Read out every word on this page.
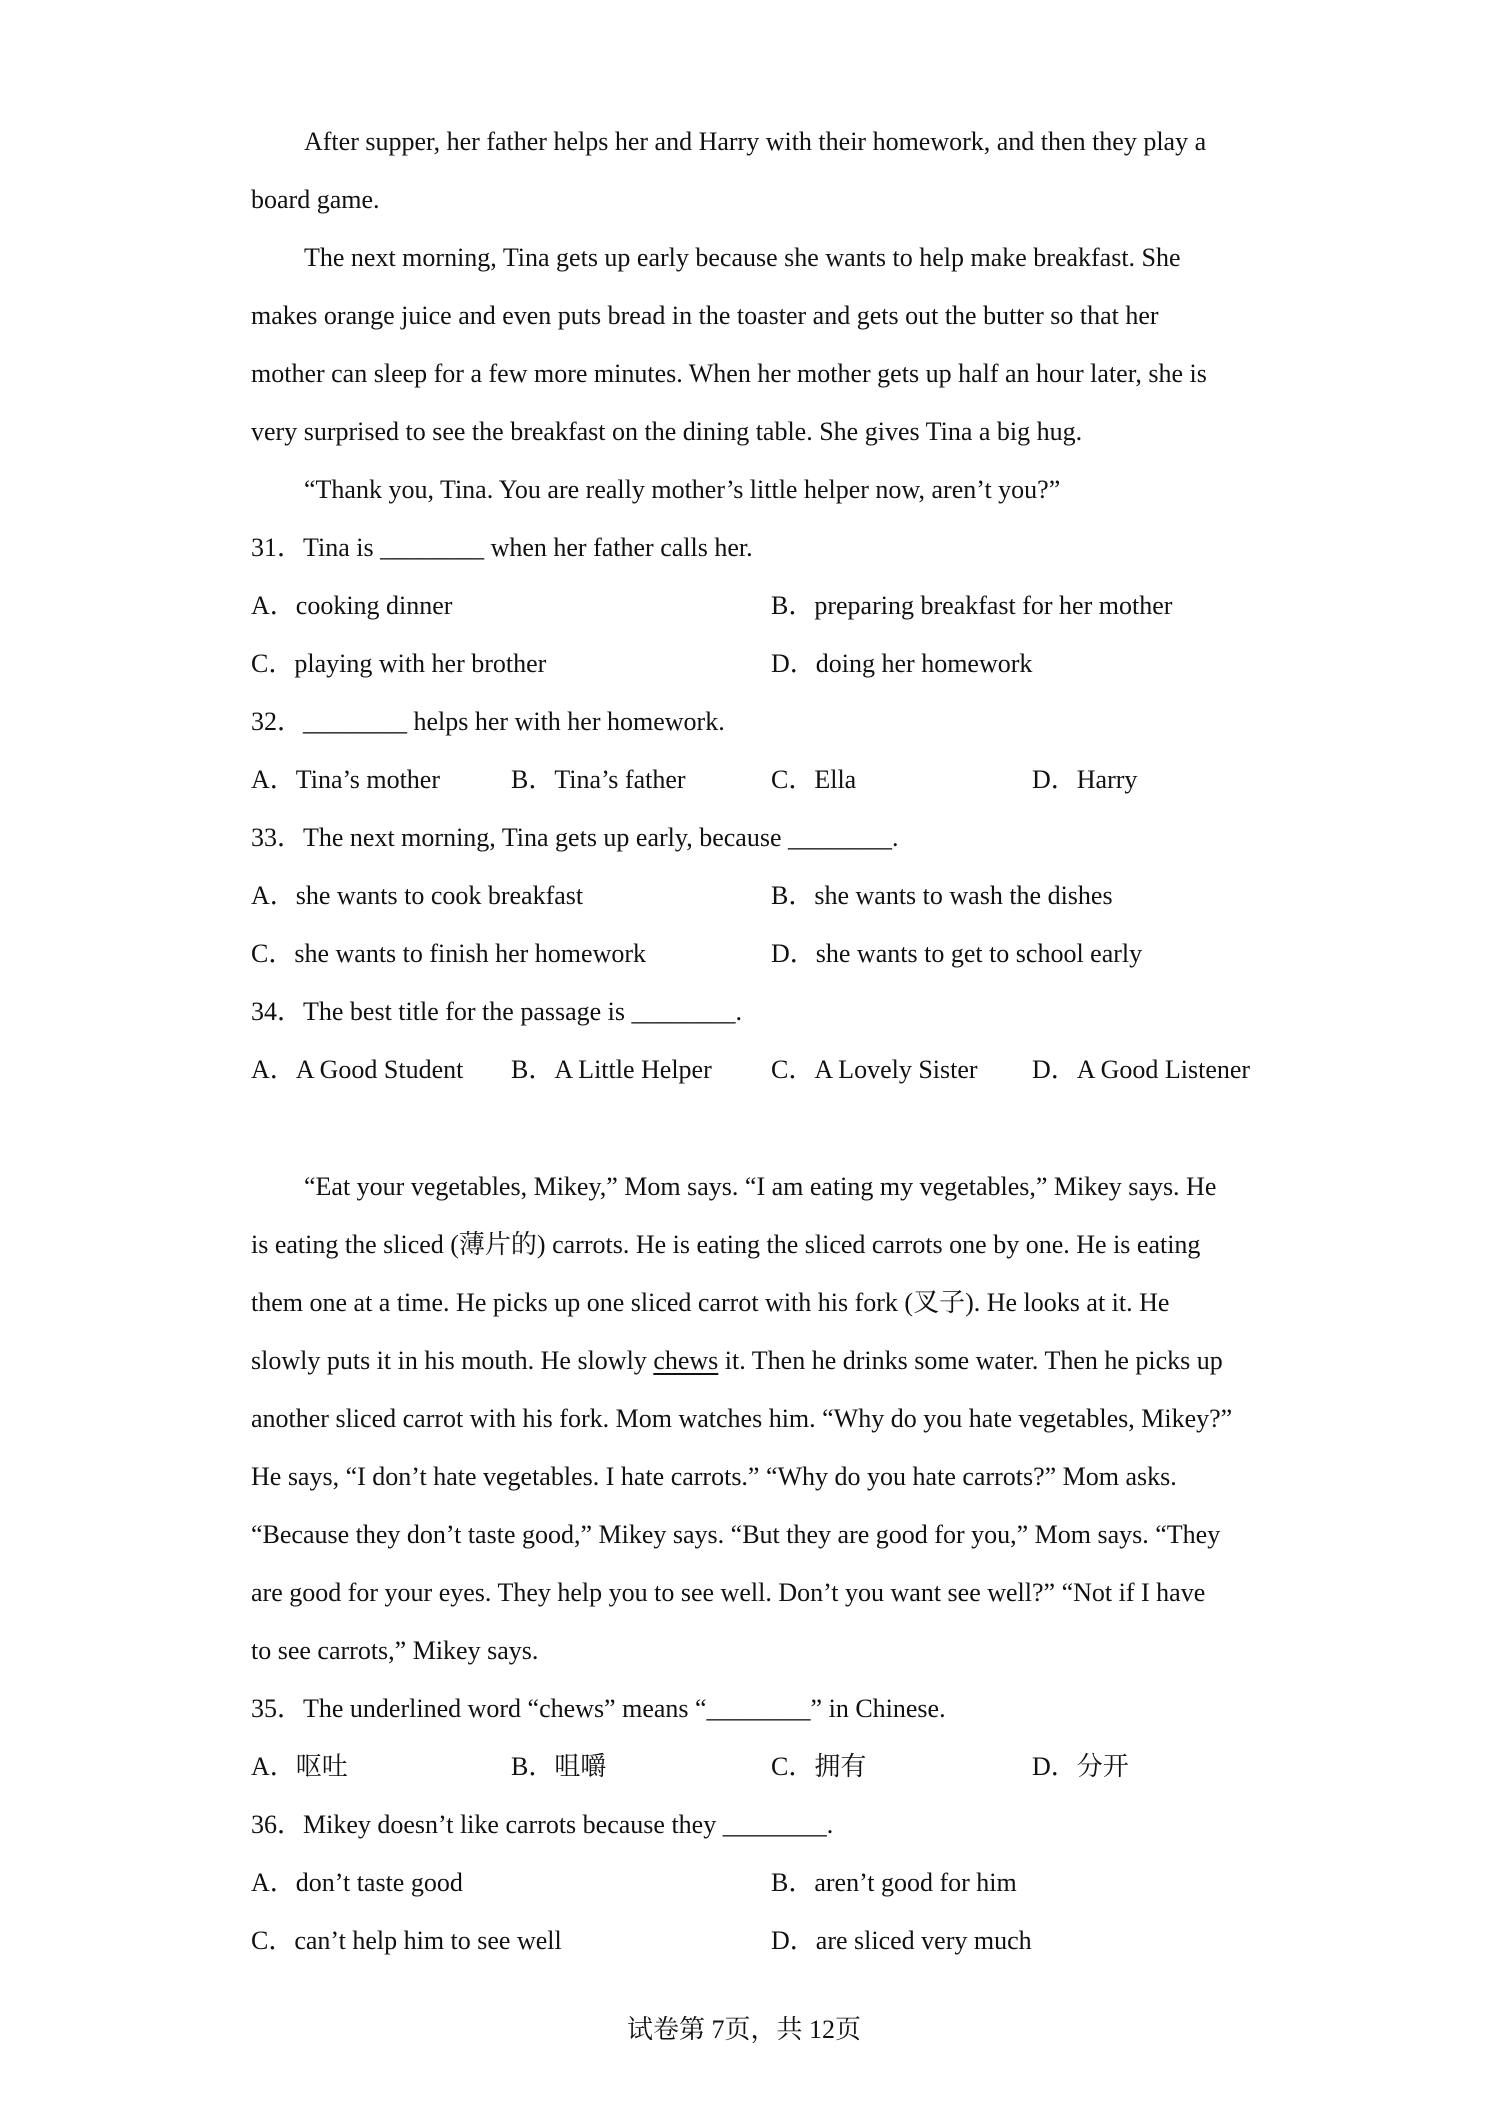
After supper, her father helps her and Harry with their homework, and then they play a
board game.
The next morning, Tina gets up early because she wants to help make breakfast. She
makes orange juice and even puts bread in the toaster and gets out the butter so that her
mother can sleep for a few more minutes. When her mother gets up half an hour later, she is
very surprised to see the breakfast on the dining table. She gives Tina a big hug.
“Thank you, Tina. You are really mother’s little helper now, aren’t you?”
31．Tina is ________ when her father calls her.
A．cooking dinner	B．preparing breakfast for her mother
C．playing with her brother	D．doing her homework
32．________ helps her with her homework.
A．Tina’s mother	B．Tina’s father	C．Ella	D．Harry
33．The next morning, Tina gets up early, because ________.
A．she wants to cook breakfast	B．she wants to wash the dishes
C．she wants to finish her homework	D．she wants to get to school early
34．The best title for the passage is ________.
A．A Good Student B．A Little Helper C．A Lovely Sister D．A Good Listener
“Eat your vegetables, Mikey,” Mom says. “I am eating my vegetables,” Mikey says. He
is eating the sliced (薄片的) carrots. He is eating the sliced carrots one by one. He is eating
them one at a time. He picks up one sliced carrot with his fork (叉子). He looks at it. He
slowly puts it in his mouth. He slowly chews it. Then he drinks some water. Then he picks up
another sliced carrot with his fork. Mom watches him. “Why do you hate vegetables, Mikey?”
He says, “I don’t hate vegetables. I hate carrots.” “Why do you hate carrots?” Mom asks.
“Because they don’t taste good,” Mikey says. “But they are good for you,” Mom says. “They
are good for your eyes. They help you to see well. Don’t you want see well?” “Not if I have
to see carrots,” Mikey says.
35．The underlined word “chews” means “________” in Chinese.
A．呕吐	B．咀嚼	C．拥有	D．分开
36．Mikey doesn’t like carrots because they ________.
A．don’t taste good	B．aren’t good for him
C．can’t help him to see well	D．are sliced very much
试卷第 7页，共 12页
